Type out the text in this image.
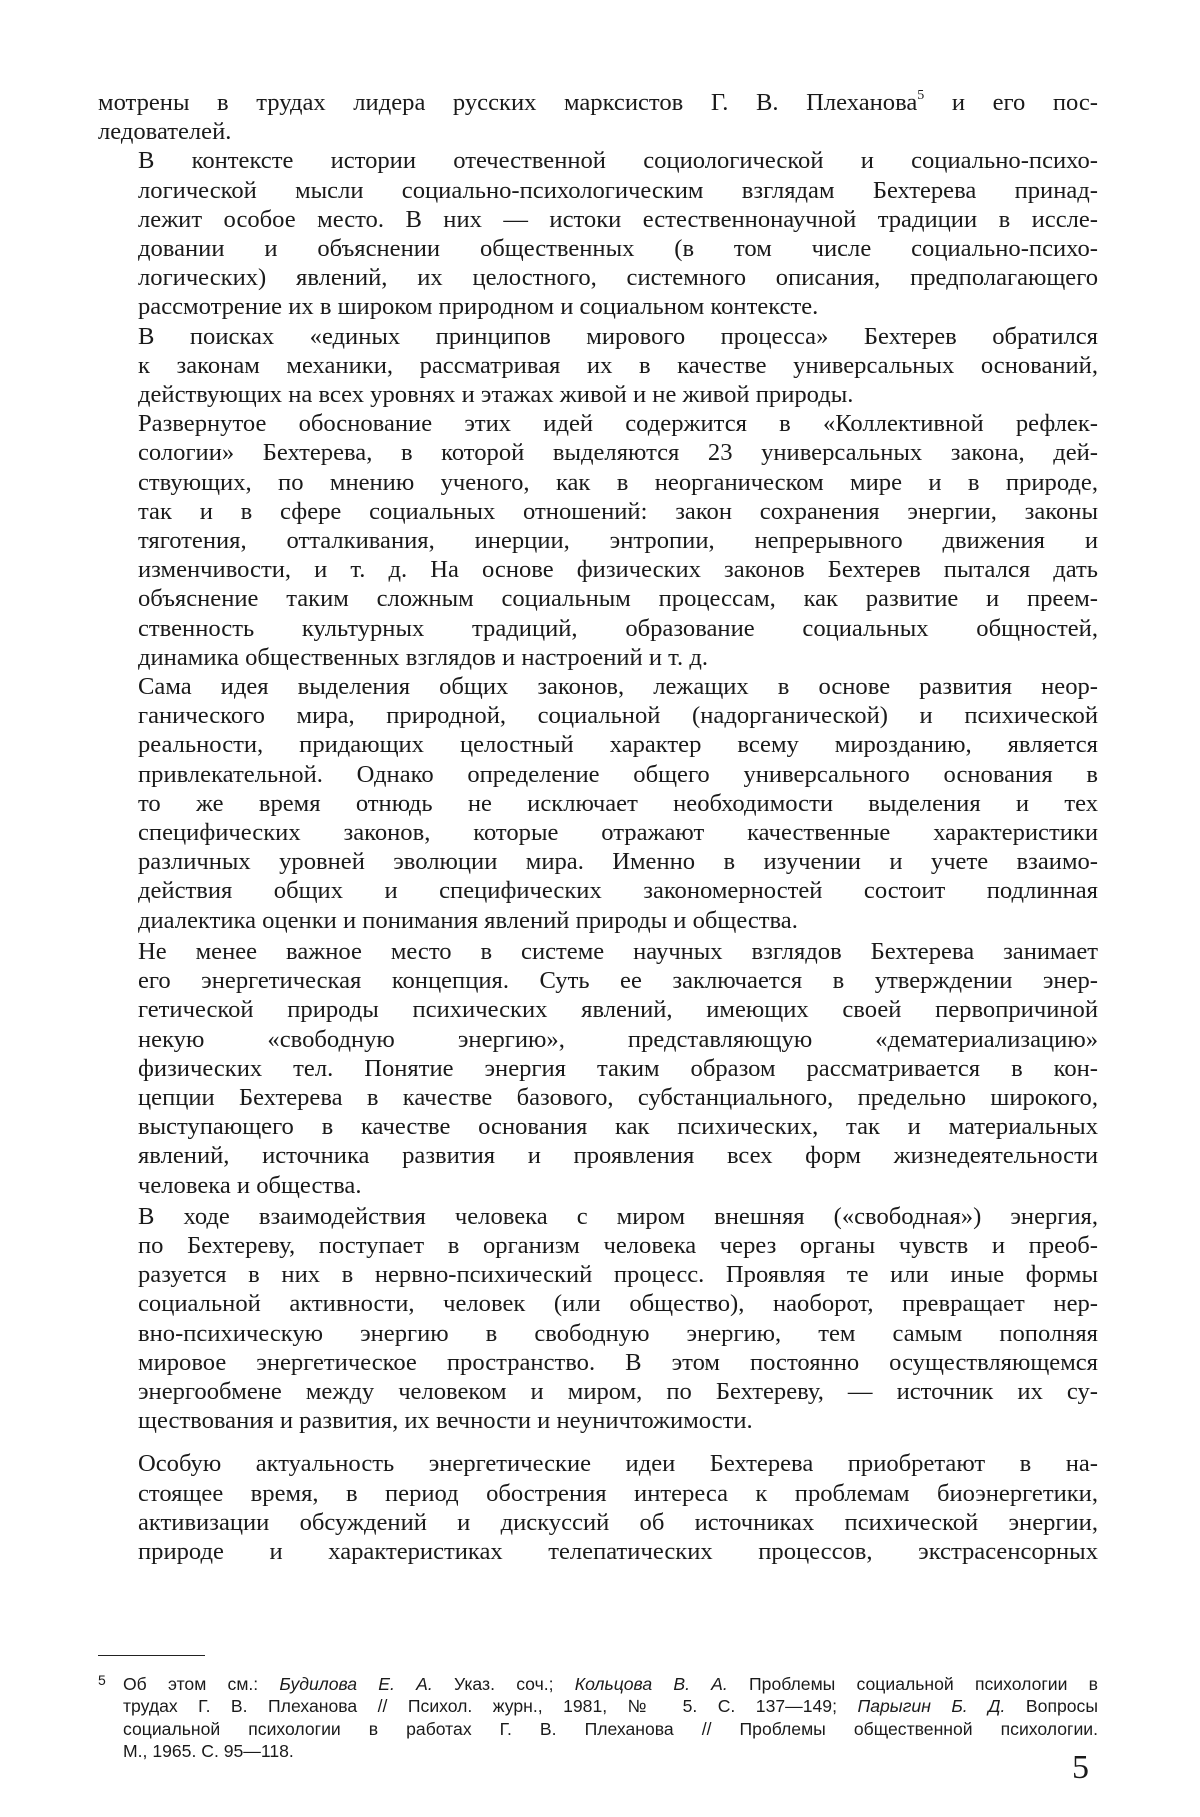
мотрены в трудах лидера русских марксистов Г. В. Плеханова$^5$ и его пос-
ледователей.

В контексте истории отечественной социологической и социально-психо-
логической мысли социально-психологическим взглядам Бехтерева принад-
лежит особое место. В них — истоки естественнонаучной традиции в иссле-
довании и объяснении общественных (в том числе социально-психо-
логических) явлений, их целостного, системного описания, предполагающего
рассмотрение их в широком природном и социальном контексте.

В поисках «единых принципов мирового процесса» Бехтерев обратился
к законам механики, рассматривая их в качестве универсальных оснований,
действующих на всех уровнях и этажах живой и не живой природы.

Развернутое обоснование этих идей содержится в «Коллективной рефлек-
сологии» Бехтерева, в которой выделяются 23 универсальных закона, дей-
ствующих, по мнению ученого, как в неорганическом мире и в природе,
так и в сфере социальных отношений: закон сохранения энергии, законы
тяготения, отталкивания, инерции, энтропии, непрерывного движения и
изменчивости, и т. д. На основе физических законов Бехтерев пытался дать
объяснение таким сложным социальным процессам, как развитие и преем-
ственность культурных традиций, образование социальных общностей,
динамика общественных взглядов и настроений и т. д.

Сама идея выделения общих законов, лежащих в основе развития неор-
ганического мира, природной, социальной (надорганической) и психической
реальности, придающих целостный характер всему мирозданию, является
привлекательной. Однако определение общего универсального основания в
то же время отнюдь не исключает необходимости выделения и тех
специфических законов, которые отражают качественные характеристики
различных уровней эволюции мира. Именно в изучении и учете взаимо-
действия общих и специфических закономерностей состоит подлинная
диалектика оценки и понимания явлений природы и общества.

Не менее важное место в системе научных взглядов Бехтерева занимает
его энергетическая концепция. Суть ее заключается в утверждении энер-
гетической природы психических явлений, имеющих своей первопричиной
некую «свободную энергию», представляющую «дематериализацию»
физических тел. Понятие энергия таким образом рассматривается в кон-
цепции Бехтерева в качестве базового, субстанциального, предельно широкого,
выступающего в качестве основания как психических, так и материальных
явлений, источника развития и проявления всех форм жизнедеятельности
человека и общества.

В ходе взаимодействия человека с миром внешняя («свободная») энергия,
по Бехтереву, поступает в организм человека через органы чувств и преоб-
разуется в них в нервно-психический процесс. Проявляя те или иные формы
социальной активности, человек (или общество), наоборот, превращает нер-
вно-психическую энергию в свободную энергию, тем самым пополняя
мировое энергетическое пространство. В этом постоянно осуществляющемся
энергообмене между человеком и миром, по Бехтереву, — источник их су-
ществования и развития, их вечности и неуничтожимости.

Особую актуальность энергетические идеи Бехтерева приобретают в на-
стоящее время, в период обострения интереса к проблемам биоэнергетики,
активизации обсуждений и дискуссий об источниках психической энергии,
природе и характеристиках телепатических процессов, экстрасенсорных

5 Об этом см.: Будилова Е. А. Указ. соч.; Кольцова В. А. Проблемы социальной психологии в
трудах Г. В. Плеханова // Психол. журн., 1981, № 5. С. 137—149; Парыгин Б. Д. Вопросы
социальной психологии в работах Г. В. Плеханова // Проблемы общественной психологии.
М., 1965. С. 95—118.	5
